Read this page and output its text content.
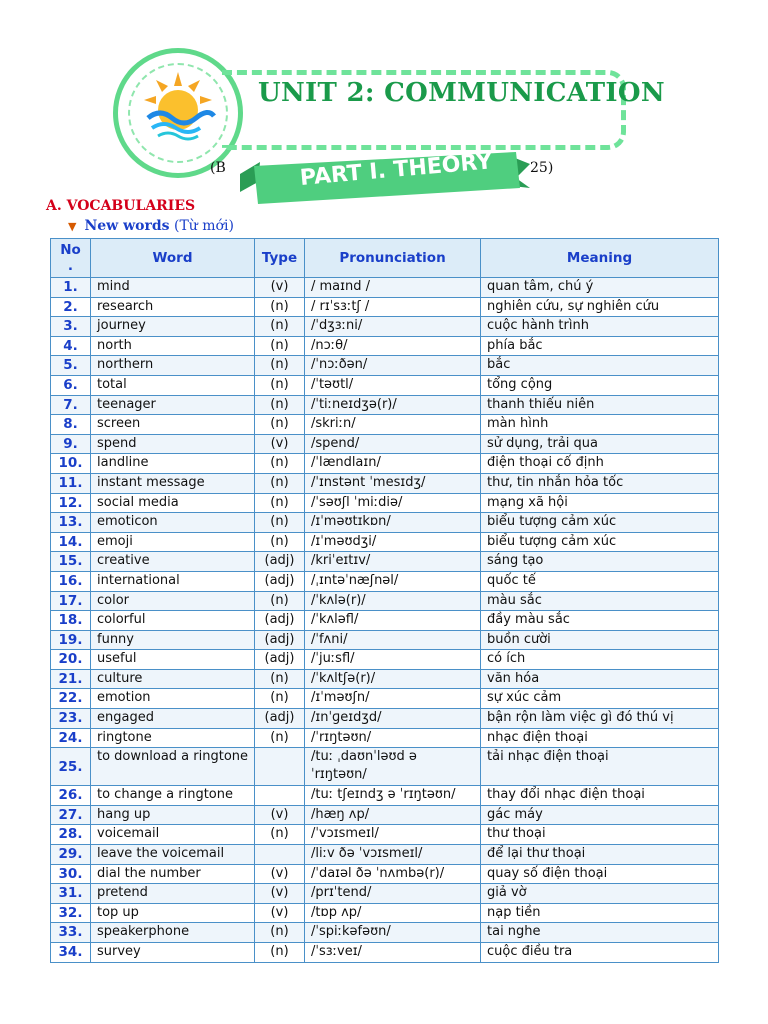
UNIT 2: COMMUNICATION
(B	25)
PART I. THEORY
A. VOCABULARIES
▼ New words (Từ mới)
No .	Word	Type	Pronunciation	Meaning
1.	mind	(v)	/ maɪnd /	quan tâm, chú ý
2.	research	(n)	/ rɪˈsɜːtʃ /	nghiên cứu, sự nghiên cứu
3.	journey	(n)	/ˈdʒɜːni/	cuộc hành trình
4.	north	(n)	/nɔːθ/	phía bắc
5.	northern	(n)	/ˈnɔːðən/	bắc
6.	total	(n)	/ˈtəʊtl/	tổng cộng
7.	teenager	(n)	/ˈtiːneɪdʒə(r)/	thanh thiếu niên
8.	screen	(n)	/skriːn/	màn hình
9.	spend	(v)	/spend/	sử dụng, trải qua
10.	landline	(n)	/ˈlændlaɪn/	điện thoại cố định
11.	instant message	(n)	/ˈɪnstənt ˈmesɪdʒ/	thư, tin nhắn hỏa tốc
12.	social media	(n)	/ˈsəʊʃl ˈmiːdiə/	mạng xã hội
13.	emoticon	(n)	/ɪˈməʊtɪkɒn/	biểu tượng cảm xúc
14.	emoji	(n)	/ɪˈməʊdʒi/	biểu tượng cảm xúc
15.	creative	(adj)	/kriˈeɪtɪv/	sáng tạo
16.	international	(adj)	/ˌɪntəˈnæʃnəl/	quốc tế
17.	color	(n)	/ˈkʌlə(r)/	màu sắc
18.	colorful	(adj)	/ˈkʌləfl/	đầy màu sắc
19.	funny	(adj)	/ˈfʌni/	buồn cười
20.	useful	(adj)	/ˈjuːsfl/	có ích
21.	culture	(n)	/ˈkʌltʃə(r)/	văn hóa
22.	emotion	(n)	/ɪˈməʊʃn/	sự xúc cảm
23.	engaged	(adj)	/ɪnˈɡeɪdʒd/	bận rộn làm việc gì đó thú vị
24.	ringtone	(n)	/ˈrɪŋtəʊn/	nhạc điện thoại
25.	to download a ringtone		/tuː ˌdaʊnˈləʊd ə ˈrɪŋtəʊn/	tải nhạc điện thoại
26.	to change a ringtone		/tuː tʃeɪndʒ ə ˈrɪŋtəʊn/	thay đổi nhạc điện thoại
27.	hang up	(v)	/hæŋ ʌp/	gác máy
28.	voicemail	(n)	/ˈvɔɪsmeɪl/	thư thoại
29.	leave the voicemail		/liːv ðə ˈvɔɪsmeɪl/	để lại thư thoại
30.	dial the number	(v)	/ˈdaɪəl ðə ˈnʌmbə(r)/	quay số điện thoại
31.	pretend	(v)	/prɪˈtend/	giả vờ
32.	top up	(v)	/tɒp ʌp/	nạp tiền
33.	speakerphone	(n)	/ˈspiːkəfəʊn/	tai nghe
34.	survey	(n)	/ˈsɜːveɪ/	cuộc điều tra
